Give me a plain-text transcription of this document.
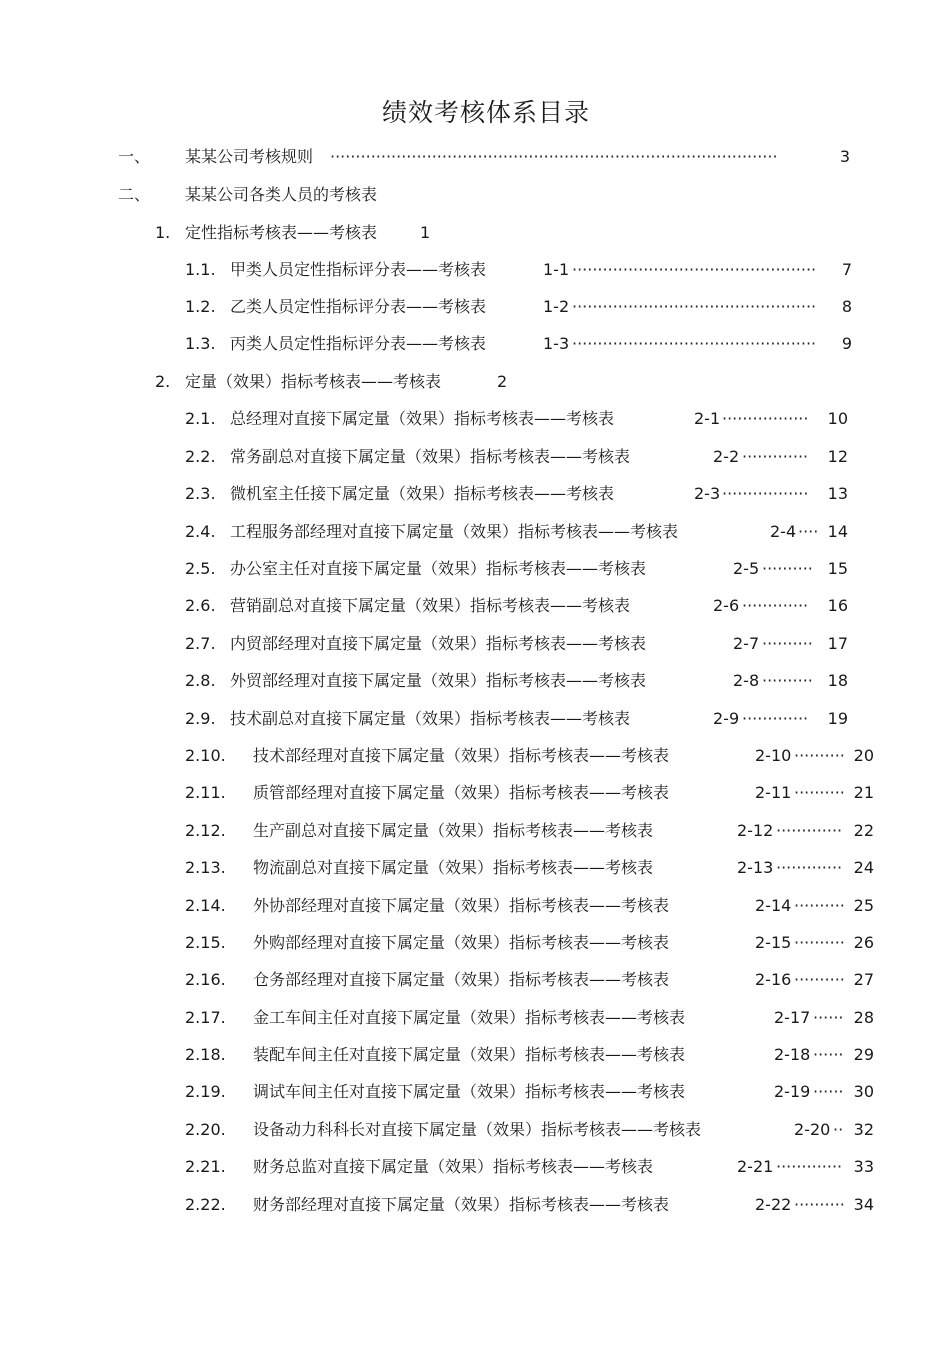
绩效考核体系目录
一、 某某公司考核规则 ························································································	3
二、 某某公司各类人员的考核表
1. 定性指标考核表——考核表	1
1.1. 甲类人员定性指标评分表——考核表	1-1 ················································	7
1.2. 乙类人员定性指标评分表——考核表	1-2 ················································	8
1.3. 丙类人员定性指标评分表——考核表	1-3 ················································	9
2. 定量（效果）指标考核表——考核表	2
2.1. 总经理对直接下属定量（效果）指标考核表——考核表	2-1 ·················	10
2.2. 常务副总对直接下属定量（效果）指标考核表——考核表	2-2 ·············	12
2.3. 微机室主任接下属定量（效果）指标考核表——考核表	2-3 ·················	13
2.4. 工程服务部经理对直接下属定量（效果）指标考核表——考核表	2-4 ···· 14
2.5. 办公室主任对直接下属定量（效果）指标考核表——考核表	2-5 ·········· 15
2.6. 营销副总对直接下属定量（效果）指标考核表——考核表	2-6 ·············	16
2.7. 内贸部经理对直接下属定量（效果）指标考核表——考核表	2-7 ·········· 17
2.8. 外贸部经理对直接下属定量（效果）指标考核表——考核表	2-8 ·········· 18
2.9. 技术副总对直接下属定量（效果）指标考核表——考核表	2-9 ·············	19
2.10. 技术部经理对直接下属定量（效果）指标考核表——考核表	2-10 ·········· 20
2.11. 质管部经理对直接下属定量（效果）指标考核表——考核表	2-11 ·········· 21
2.12. 生产副总对直接下属定量（效果）指标考核表——考核表	2-12 ············· 22
2.13. 物流副总对直接下属定量（效果）指标考核表——考核表	2-13 ············· 24
2.14. 外协部经理对直接下属定量（效果）指标考核表——考核表	2-14 ·········· 25
2.15. 外购部经理对直接下属定量（效果）指标考核表——考核表	2-15 ·········· 26
2.16. 仓务部经理对直接下属定量（效果）指标考核表——考核表	2-16 ·········· 27
2.17. 金工车间主任对直接下属定量（效果）指标考核表——考核表	2-17 ······ 28
2.18. 装配车间主任对直接下属定量（效果）指标考核表——考核表	2-18 ······ 29
2.19. 调试车间主任对直接下属定量（效果）指标考核表——考核表	2-19 ······ 30
2.20. 设备动力科科长对直接下属定量（效果）指标考核表——考核表	2-20 ·· 32
2.21. 财务总监对直接下属定量（效果）指标考核表——考核表	2-21 ············· 33
2.22. 财务部经理对直接下属定量（效果）指标考核表——考核表	2-22 ·········· 34
